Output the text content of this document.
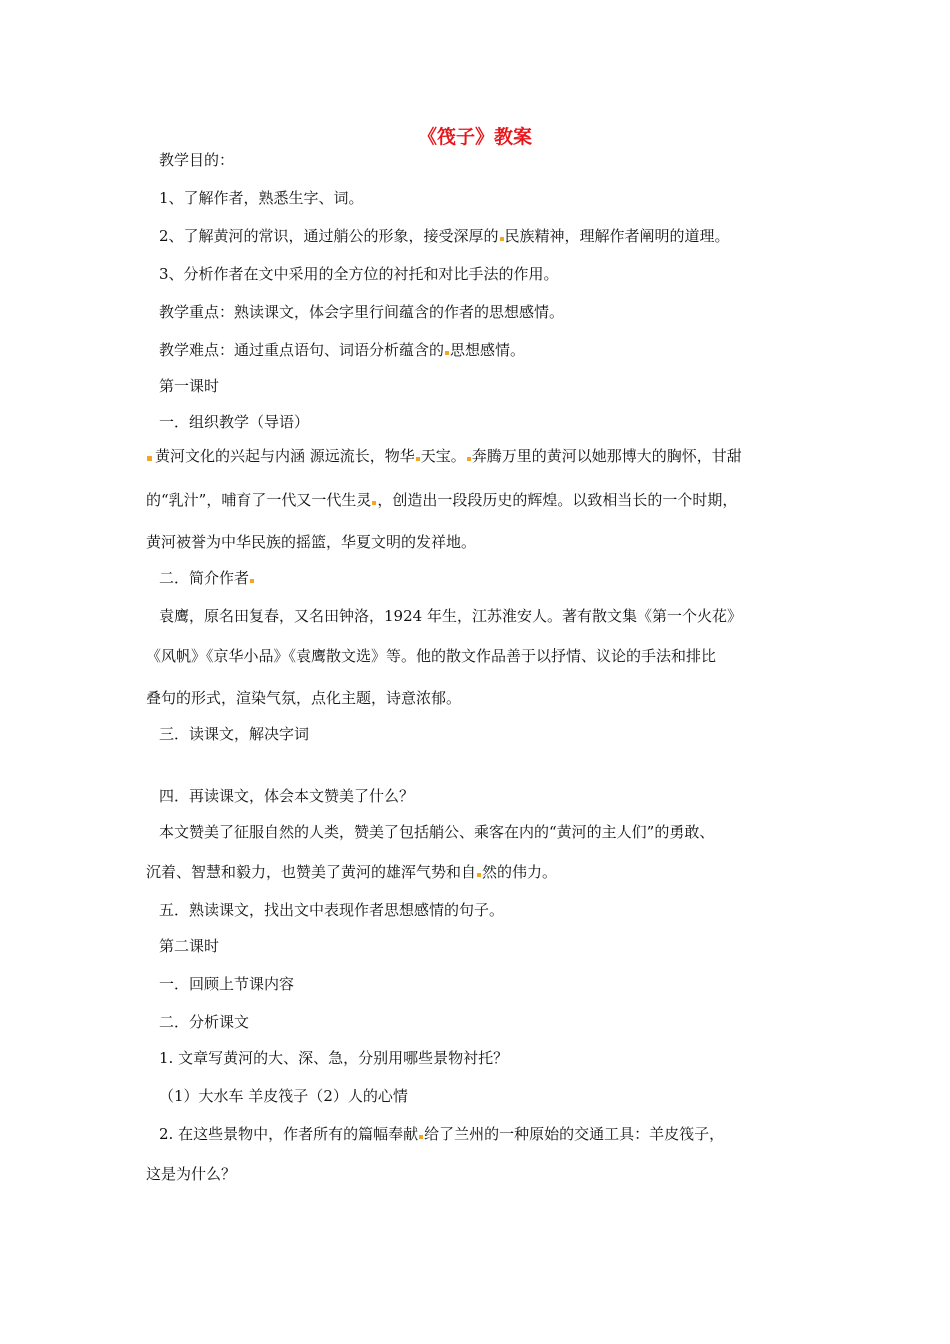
《筏子》教案
教学目的：
1、了解作者，熟悉生字、词。
2、了解黄河的常识，通过艄公的形象，接受深厚的 民族精神，理解作者阐明的道理。
3、分析作者在文中采用的全方位的衬托和对比手法的作用。
教学重点：熟读课文，体会字里行间蕴含的作者的思想感情。
教学难点：通过重点语句、词语分析蕴含的 思想感情。
第一课时
一．组织教学（导语）
黄河文化的兴起与内涵 源远流长，物华 天宝。 奔腾万里的黄河以她那博大的胸怀，甘甜
的“乳汁”，哺育了一代又一代生灵 ，创造出一段段历史的辉煌。以致相当长的一个时期，
黄河被誉为中华民族的摇篮，华夏文明的发祥地。
二．简介作者
袁鹰，原名田复春，又名田钟洛，1924 年生，江苏淮安人。著有散文集《第一个火花》
《风帆》《京华小品》《袁鹰散文选》等。他的散文作品善于以抒情、议论的手法和排比
叠句的形式，渲染气氛，点化主题，诗意浓郁。
三．读课文，解决字词
四．再读课文，体会本文赞美了什么？
本文赞美了征服自然的人类，赞美了包括艄公、乘客在内的“黄河的主人们”的勇敢、
沉着、智慧和毅力，也赞美了黄河的雄浑气势和自 然的伟力。
五．熟读课文，找出文中表现作者思想感情的句子。
第二课时
一．回顾上节课内容
二．分析课文
1. 文章写黄河的大、深、急，分别用哪些景物衬托？
（1）大水车 羊皮筏子（2）人的心情
2. 在这些景物中，作者所有的篇幅奉献 给了兰州的一种原始的交通工具：羊皮筏子，
这是为什么？
